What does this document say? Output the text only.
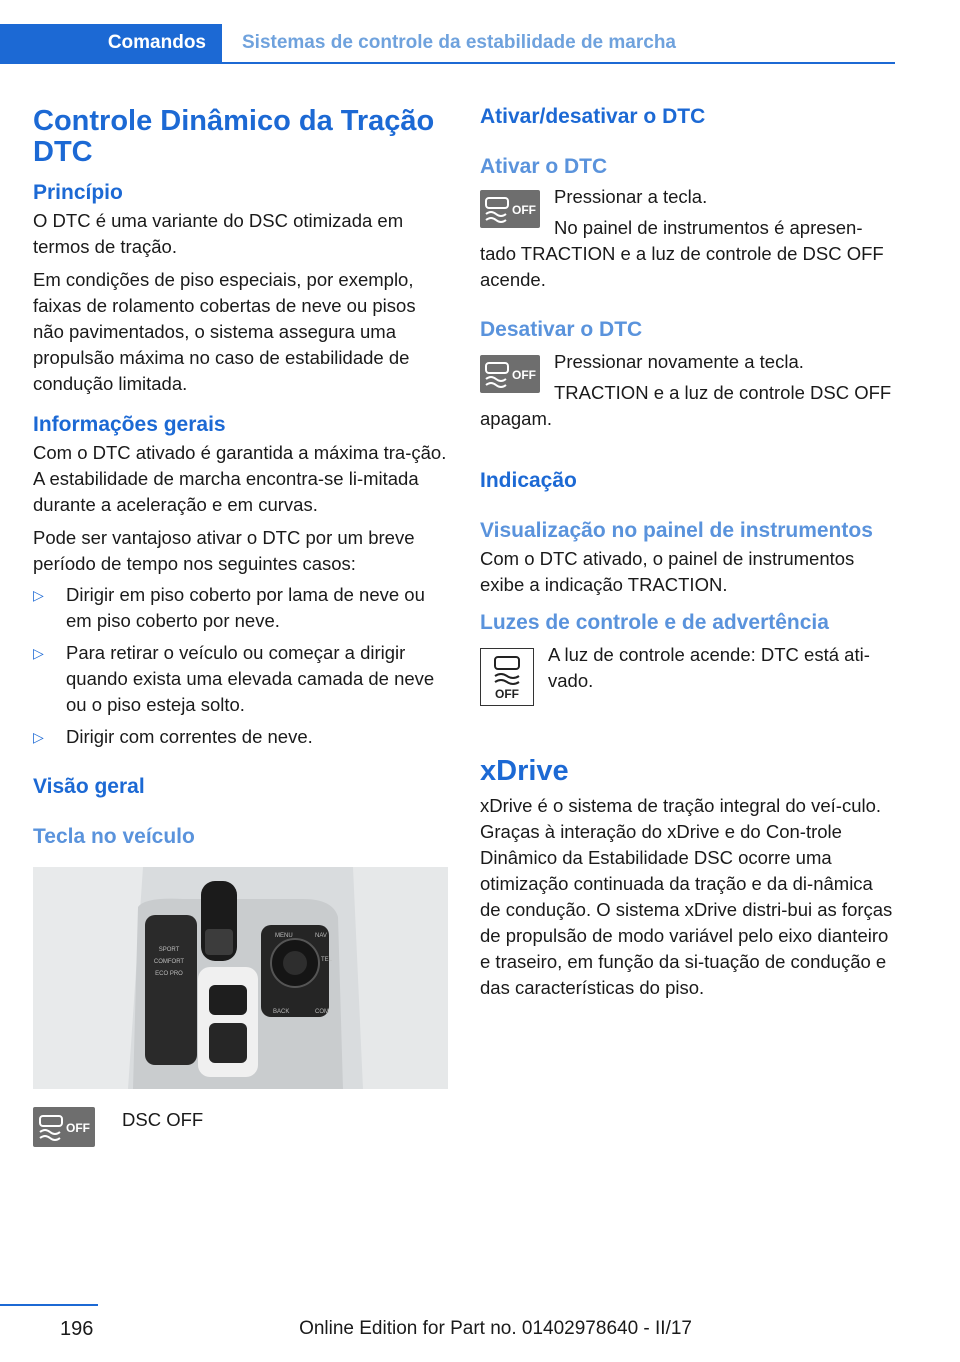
Comandos	Sistemas de controle da estabilidade de marcha
Controle Dinâmico da Tração DTC
Princípio

O DTC é uma variante do DSC otimizada em termos de tração.

Em condições de piso especiais, por exemplo, faixas de rolamento cobertas de neve ou pisos não pavimentados, o sistema assegura uma propulsão máxima no caso de estabilidade de condução limitada.

Informações gerais

Com o DTC ativado é garantida a máxima tra-ção. A estabilidade de marcha encontra-se li-mitada durante a aceleração e em curvas.

Pode ser vantajoso ativar o DTC por um breve período de tempo nos seguintes casos:

▷ Dirigir em piso coberto por lama de neve ou em piso coberto por neve.
▷ Para retirar o veículo ou começar a dirigir quando exista uma elevada camada de neve ou o piso esteja solto.
▷ Dirigir com correntes de neve.
Visão geral
Tecla no veículo
SPORT
COMFORT
ECO PRO
MENU
BACK
NAV
TEL
COM
OFF DSC OFF

Ativar/desativar o DTC
Ativar o DTC
OFF

Pressionar a tecla.

No painel de instrumentos é apresen-tado TRACTION e a luz de controle de DSC OFF acende.

Desativar o DTC
OFF

Pressionar novamente a tecla.

TRACTION e a luz de controle DSC OFF apagam.

Indicação
Visualização no painel de instrumentos

Com o DTC ativado, o painel de instrumentos exibe a indicação TRACTION.

Luzes de controle e de advertência
OFF

A luz de controle acende: DTC está ati-vado.

xDrive

xDrive é o sistema de tração integral do veí-culo. Graças à interação do xDrive e do Con-trole Dinâmico da Estabilidade DSC ocorre uma otimização continuada da tração e da di-nâmica de condução. O sistema xDrive distri-bui as forças de propulsão de modo variável pelo eixo dianteiro e traseiro, em função da si-tuação de condução e das características do piso.

196	Online Edition for Part no. 01402978640 - II/17
